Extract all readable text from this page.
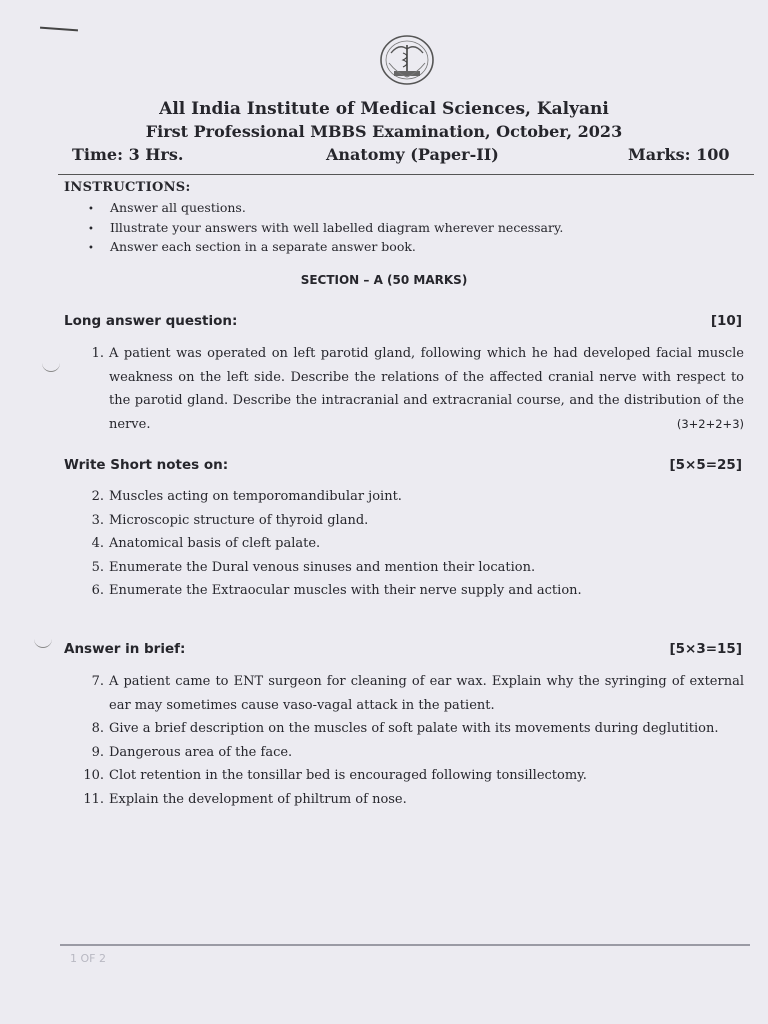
All India Institute of Medical Sciences, Kalyani
First Professional MBBS Examination, October, 2023
Time: 3 Hrs.	Anatomy (Paper-II)	Marks: 100
INSTRUCTIONS:
• Answer all questions.
• Illustrate your answers with well labelled diagram wherever necessary.
• Answer each section in a separate answer book.
SECTION – A (50 MARKS)
Long answer question:	[10]
1. A patient was operated on left parotid gland, following which he had developed facial muscle weakness on the left side. Describe the relations of the affected cranial nerve with respect to the parotid gland. Describe the intracranial and extracranial course, and the distribution of the nerve.	(3+2+2+3)
Write Short notes on:	[5×5=25]
2. Muscles acting on temporomandibular joint.
3. Microscopic structure of thyroid gland.
4. Anatomical basis of cleft palate.
5. Enumerate the Dural venous sinuses and mention their location.
6. Enumerate the Extraocular muscles with their nerve supply and action.
Answer in brief:	[5×3=15]
7. A patient came to ENT surgeon for cleaning of ear wax. Explain why the syringing of external ear may sometimes cause vaso-vagal attack in the patient.
8. Give a brief description on the muscles of soft palate with its movements during deglutition.
9. Dangerous area of the face.
10. Clot retention in the tonsillar bed is encouraged following tonsillectomy.
11. Explain the development of philtrum of nose.
1 OF 2
